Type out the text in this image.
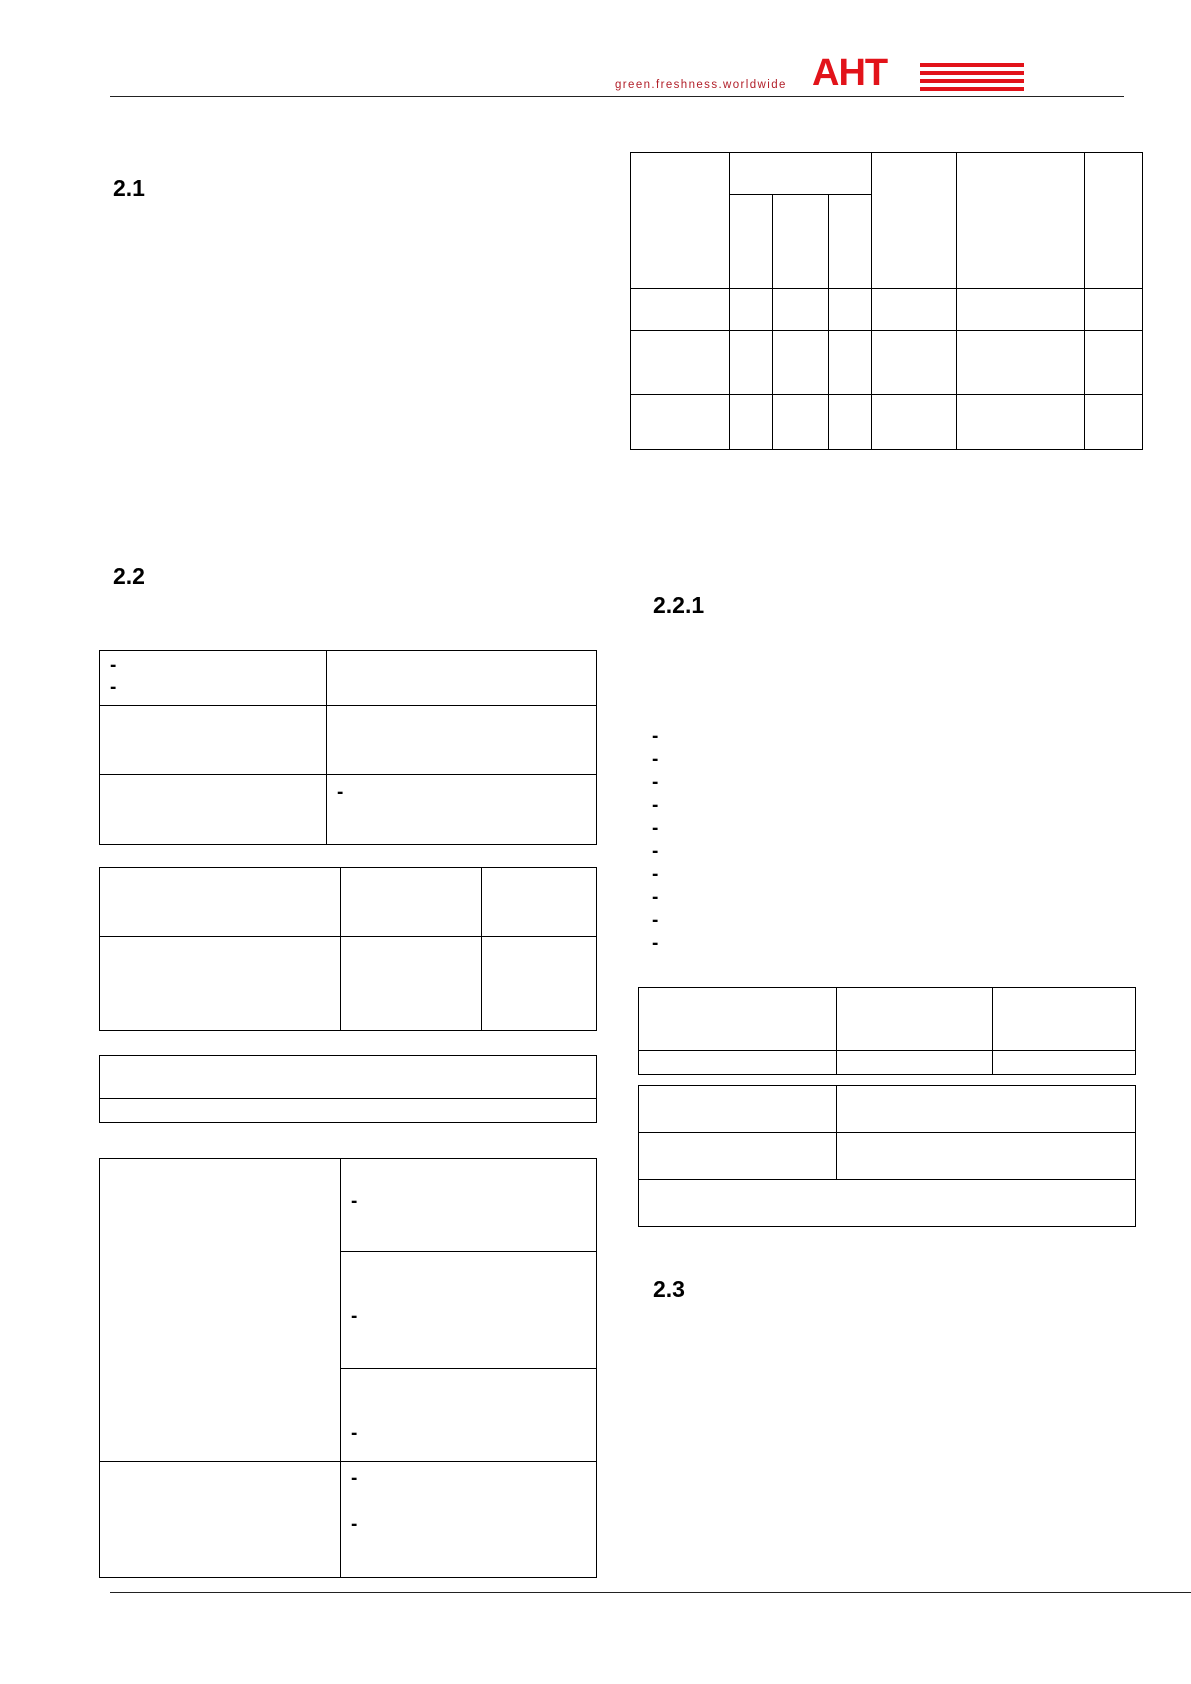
green.freshness.worldwide AHT
2.1
2.2
2.2.1
2.3

-
-	

	-

	-

	-

	-

	-
-
-
-
-
-
-
-
-
-
-
-
